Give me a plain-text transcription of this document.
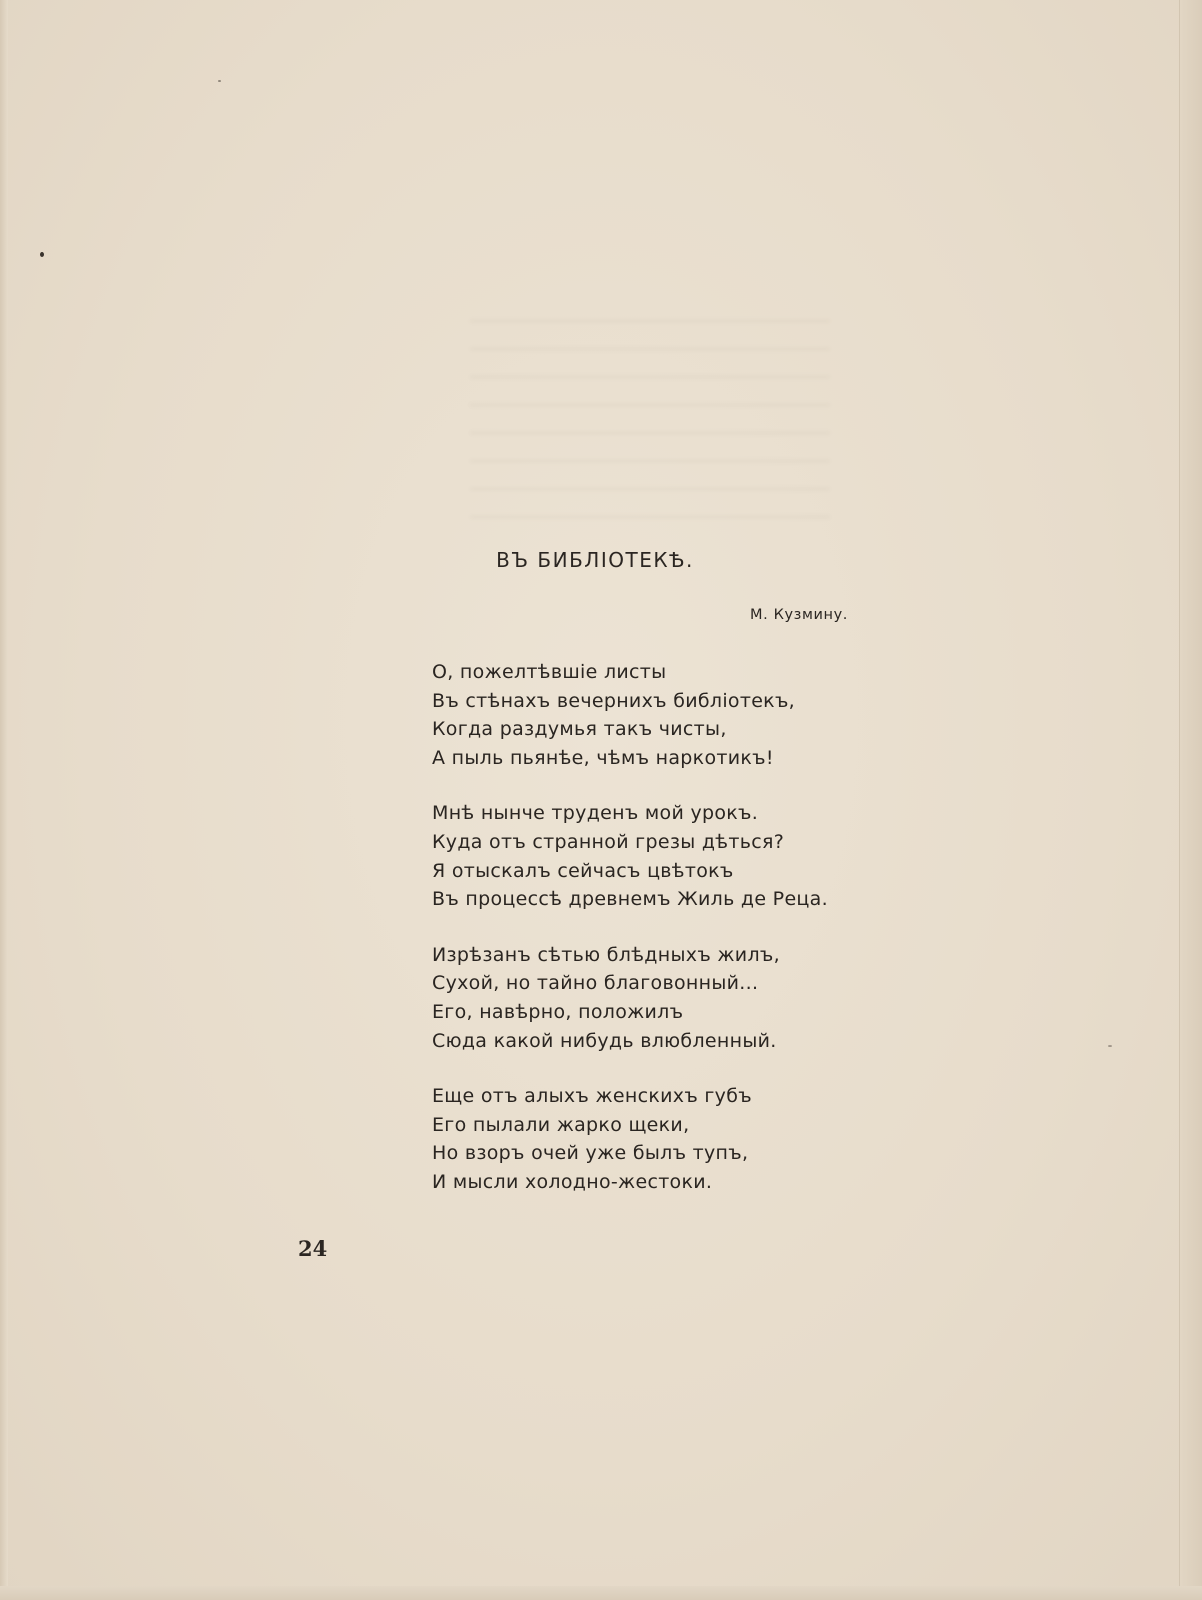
ВЪ БИБЛІОТЕКѢ.
М. Кузмину.
О, пожелтѣвшіе листы
Въ стѣнахъ вечернихъ библіотекъ,
Когда раздумья такъ чисты,
А пыль пьянѣе, чѣмъ наркотикъ!
Мнѣ нынче труденъ мой урокъ.
Куда отъ странной грезы дѣться?
Я отыскалъ сейчасъ цвѣтокъ
Въ процессѣ древнемъ Жиль де Реца.
Изрѣзанъ сѣтью блѣдныхъ жилъ,
Сухой, но тайно благовонный...
Его, навѣрно, положилъ
Сюда какой нибудь влюбленный.
Еще отъ алыхъ женскихъ губъ
Его пылали жарко щеки,
Но взоръ очей уже былъ тупъ,
И мысли холодно-жестоки.
24
